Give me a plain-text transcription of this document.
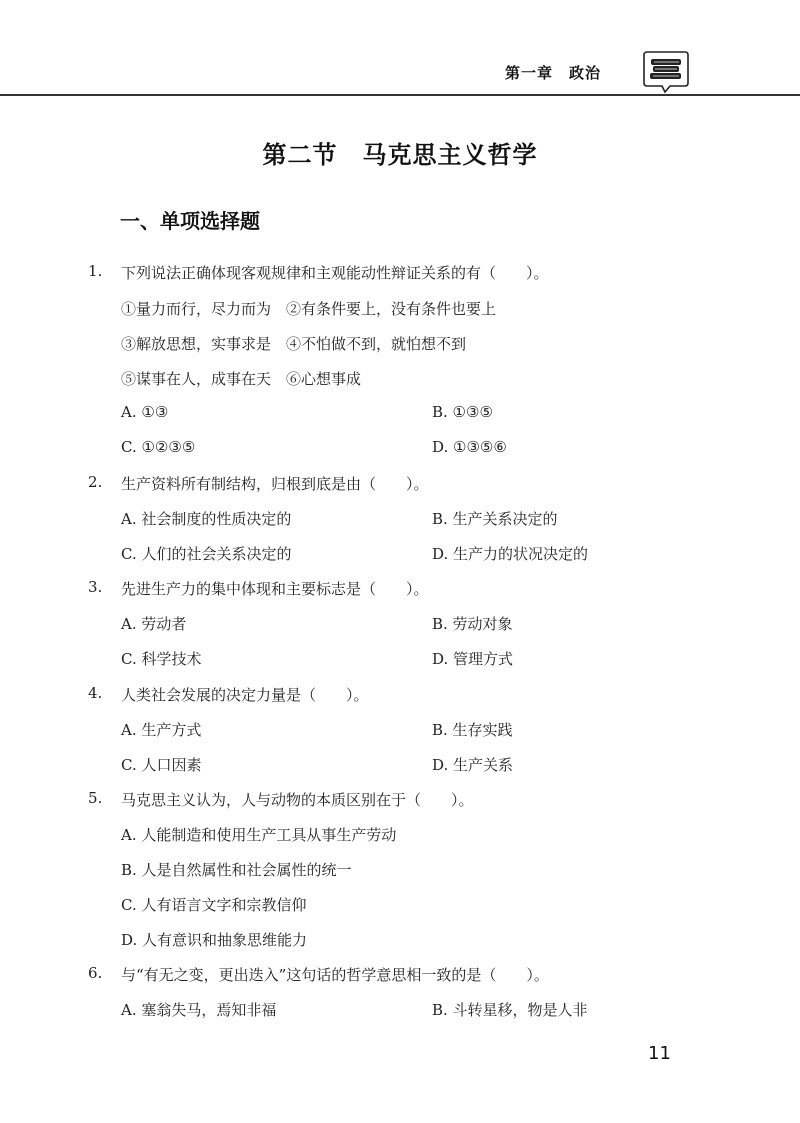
第一章　政治
第二节　马克思主义哲学
一、单项选择题
1. 下列说法正确体现客观规律和主观能动性辩证关系的有（　　）。
①量力而行，尽力而为　②有条件要上，没有条件也要上
③解放思想，实事求是　④不怕做不到，就怕想不到
⑤谋事在人，成事在天　⑥心想事成
A. ①③	B. ①③⑤
C. ①②③⑤	D. ①③⑤⑥
2. 生产资料所有制结构，归根到底是由（　　）。
A. 社会制度的性质决定的	B. 生产关系决定的
C. 人们的社会关系决定的	D. 生产力的状况决定的
3. 先进生产力的集中体现和主要标志是（　　）。
A. 劳动者	B. 劳动对象
C. 科学技术	D. 管理方式
4. 人类社会发展的决定力量是（　　）。
A. 生产方式	B. 生存实践
C. 人口因素	D. 生产关系
5. 马克思主义认为，人与动物的本质区别在于（　　）。
A. 人能制造和使用生产工具从事生产劳动
B. 人是自然属性和社会属性的统一
C. 人有语言文字和宗教信仰
D. 人有意识和抽象思维能力
6. 与“有无之变，更出迭入”这句话的哲学意思相一致的是（　　）。
A. 塞翁失马，焉知非福	B. 斗转星移，物是人非
11
